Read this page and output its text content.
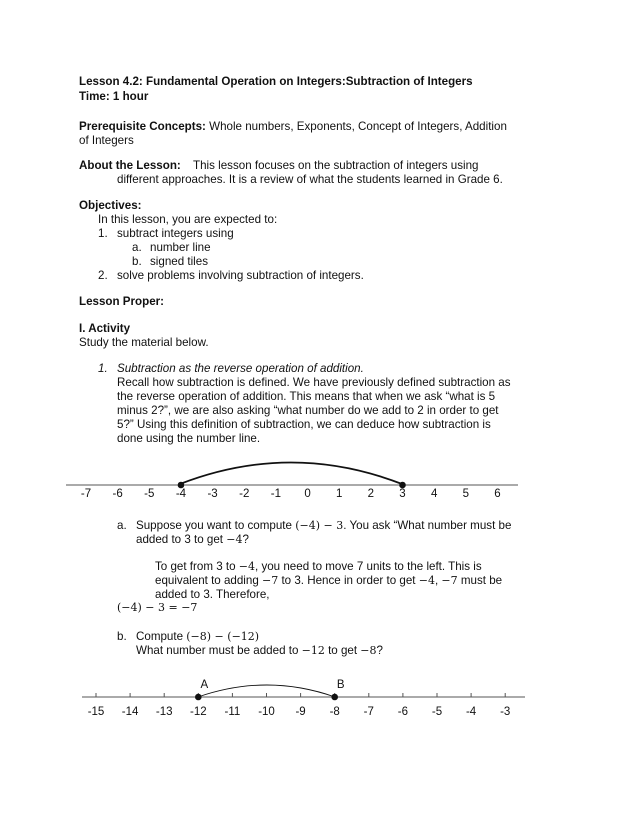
Lesson 4.2: Fundamental Operation on Integers:Subtraction of Integers
Time: 1 hour
Prerequisite Concepts: Whole numbers, Exponents, Concept of Integers, Addition
of Integers
About the Lesson: This lesson focuses on the subtraction of integers using
different approaches. It is a review of what the students learned in Grade 6.
Objectives:
In this lesson, you are expected to:
1. subtract integers using
a. number line
b. signed tiles
2. solve problems involving subtraction of integers.
Lesson Proper:
I. Activity
Study the material below.
1. Subtraction as the reverse operation of addition.
Recall how subtraction is defined. We have previously defined subtraction as
the reverse operation of addition. This means that when we ask “what is 5
minus 2?”, we are also asking “what number do we add to 2 in order to get
5?” Using this definition of subtraction, we can deduce how subtraction is
done using the number line.
-7 -6 -5 -4 -3 -2 -1 0 1 2 3 4 5 6
a. Suppose you want to compute (−4) − 3. You ask “What number must be
added to 3 to get −4?
To get from 3 to −4, you need to move 7 units to the left. This is
equivalent to adding −7 to 3. Hence in order to get −4, −7 must be
added to 3. Therefore,
(−4) − 3 = −7
b. Compute (−8) − (−12)
What number must be added to −12 to get −8?
-15 -14 -13 -12 -11 -10 -9 -8 -7 -6 -5 -4 -3
A	B
